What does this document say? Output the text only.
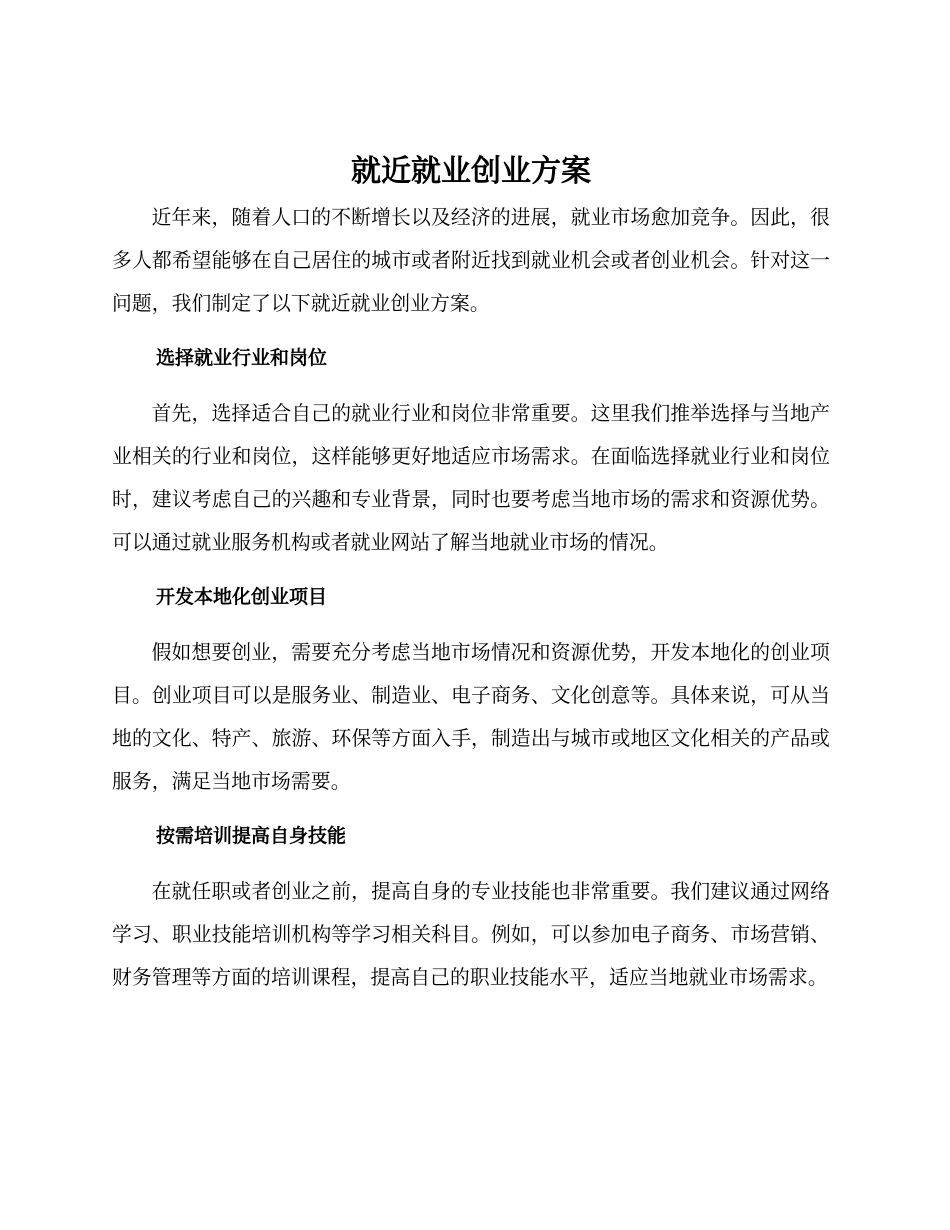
就近就业创业方案

近年来，随着人口的不断增长以及经济的进展，就业市场愈加竞争。因此，很多人都希望能够在自己居住的城市或者附近找到就业机会或者创业机会。针对这一问题，我们制定了以下就近就业创业方案。

选择就业行业和岗位

首先，选择适合自己的就业行业和岗位非常重要。这里我们推举选择与当地产业相关的行业和岗位，这样能够更好地适应市场需求。在面临选择就业行业和岗位时，建议考虑自己的兴趣和专业背景，同时也要考虑当地市场的需求和资源优势。可以通过就业服务机构或者就业网站了解当地就业市场的情况。

开发本地化创业项目

假如想要创业，需要充分考虑当地市场情况和资源优势，开发本地化的创业项目。创业项目可以是服务业、制造业、电子商务、文化创意等。具体来说，可从当地的文化、特产、旅游、环保等方面入手，制造出与城市或地区文化相关的产品或服务，满足当地市场需要。

按需培训提高自身技能

在就任职或者创业之前，提高自身的专业技能也非常重要。我们建议通过网络学习、职业技能培训机构等学习相关科目。例如，可以参加电子商务、市场营销、财务管理等方面的培训课程，提高自己的职业技能水平，适应当地就业市场需求。
